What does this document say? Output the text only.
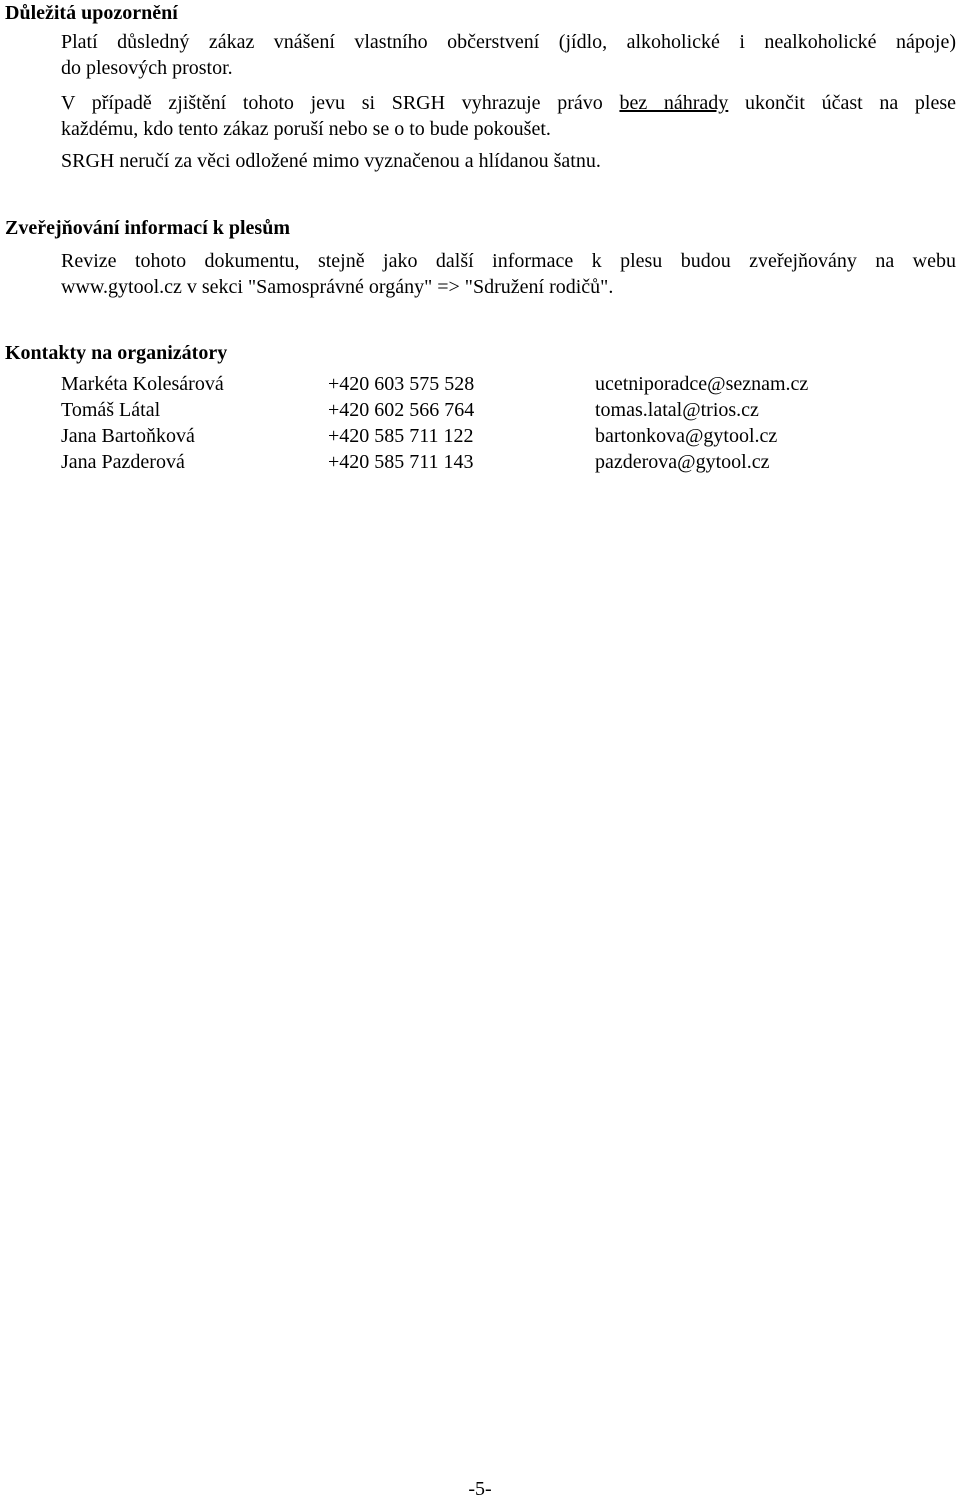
Důležitá upozornění
Platí důsledný zákaz vnášení vlastního občerstvení (jídlo, alkoholické i nealkoholické nápoje)
do plesových prostor.
V případě zjištění tohoto jevu si SRGH vyhrazuje právo bez náhrady ukončit účast na plese
každému, kdo tento zákaz poruší nebo se o to bude pokoušet.
SRGH neručí za věci odložené mimo vyznačenou a hlídanou šatnu.
Zveřejňování informací k plesům
Revize tohoto dokumentu, stejně jako další informace k plesu budou zveřejňovány na webu
www.gytool.cz v sekci "Samosprávné orgány" => "Sdružení rodičů".
Kontakty na organizátory
Markéta Kolesárová	+420 603 575 528	ucetniporadce@seznam.cz
Tomáš Látal	+420 602 566 764	tomas.latal@trios.cz
Jana Bartoňková	+420 585 711 122	bartonkova@gytool.cz
Jana Pazderová	+420 585 711 143	pazderova@gytool.cz
-5-
